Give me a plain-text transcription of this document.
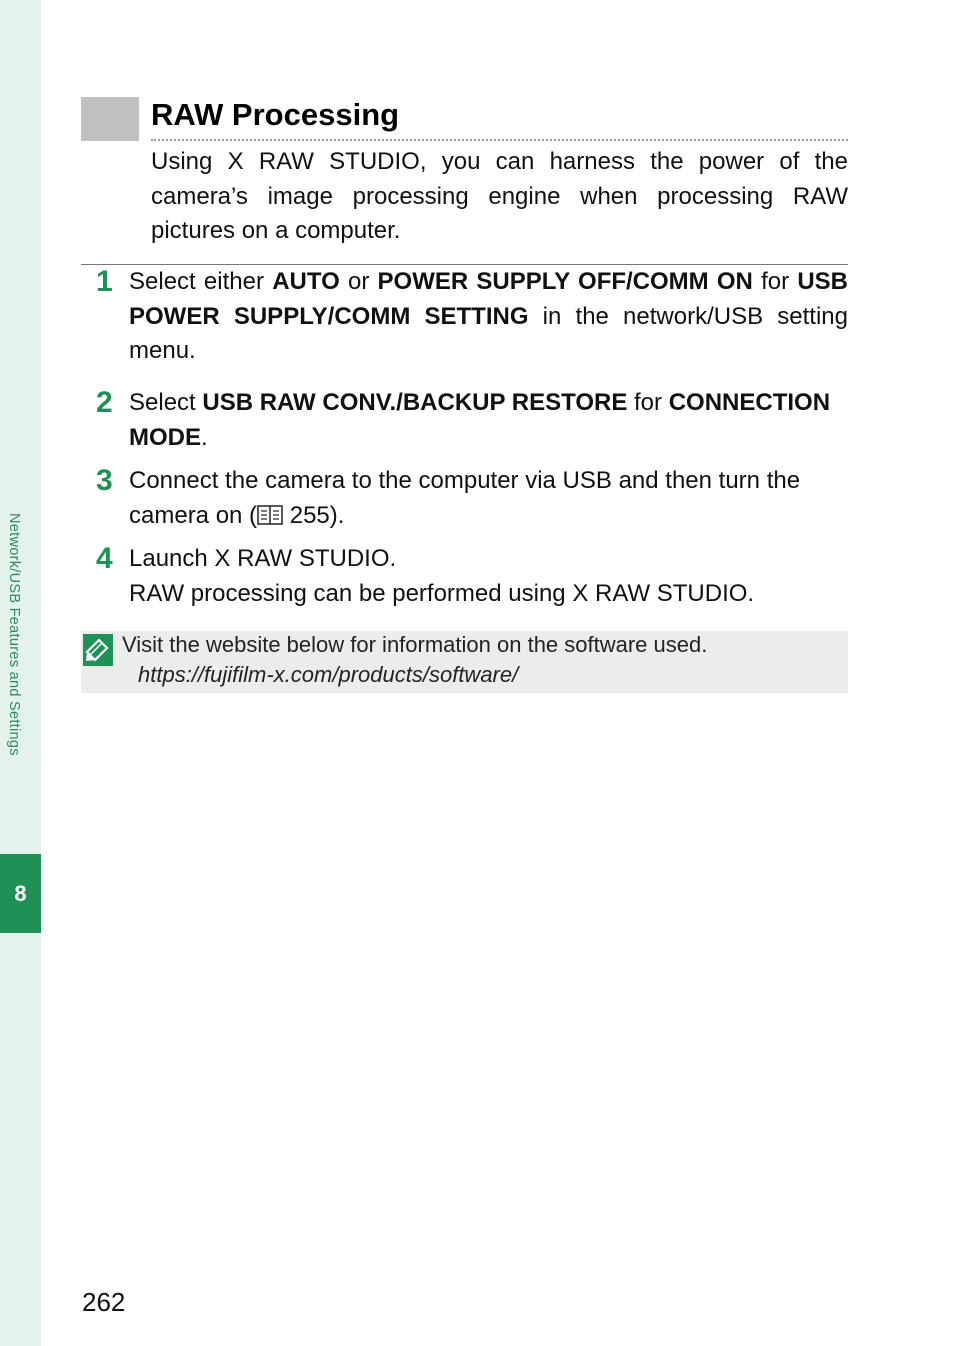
Network/USB Features and Settings
8
RAW Processing

Using X RAW STUDIO, you can harness the power of the camera’s image processing engine when processing RAW pictures on a computer.

1 Select either AUTO or POWER SUPPLY OFF/COMM ON for USB POWER SUPPLY/COMM SETTING in the network/USB setting menu.
2 Select USB RAW CONV./BACKUP RESTORE for CONNECTION MODE.
3 Connect the camera to the computer via USB and then turn the camera on ( 255).
4 Launch X RAW STUDIO.
RAW processing can be performed using X RAW STUDIO.

Visit the website below for information on the software used.

https://fujifilm-x.com/products/software/

262
